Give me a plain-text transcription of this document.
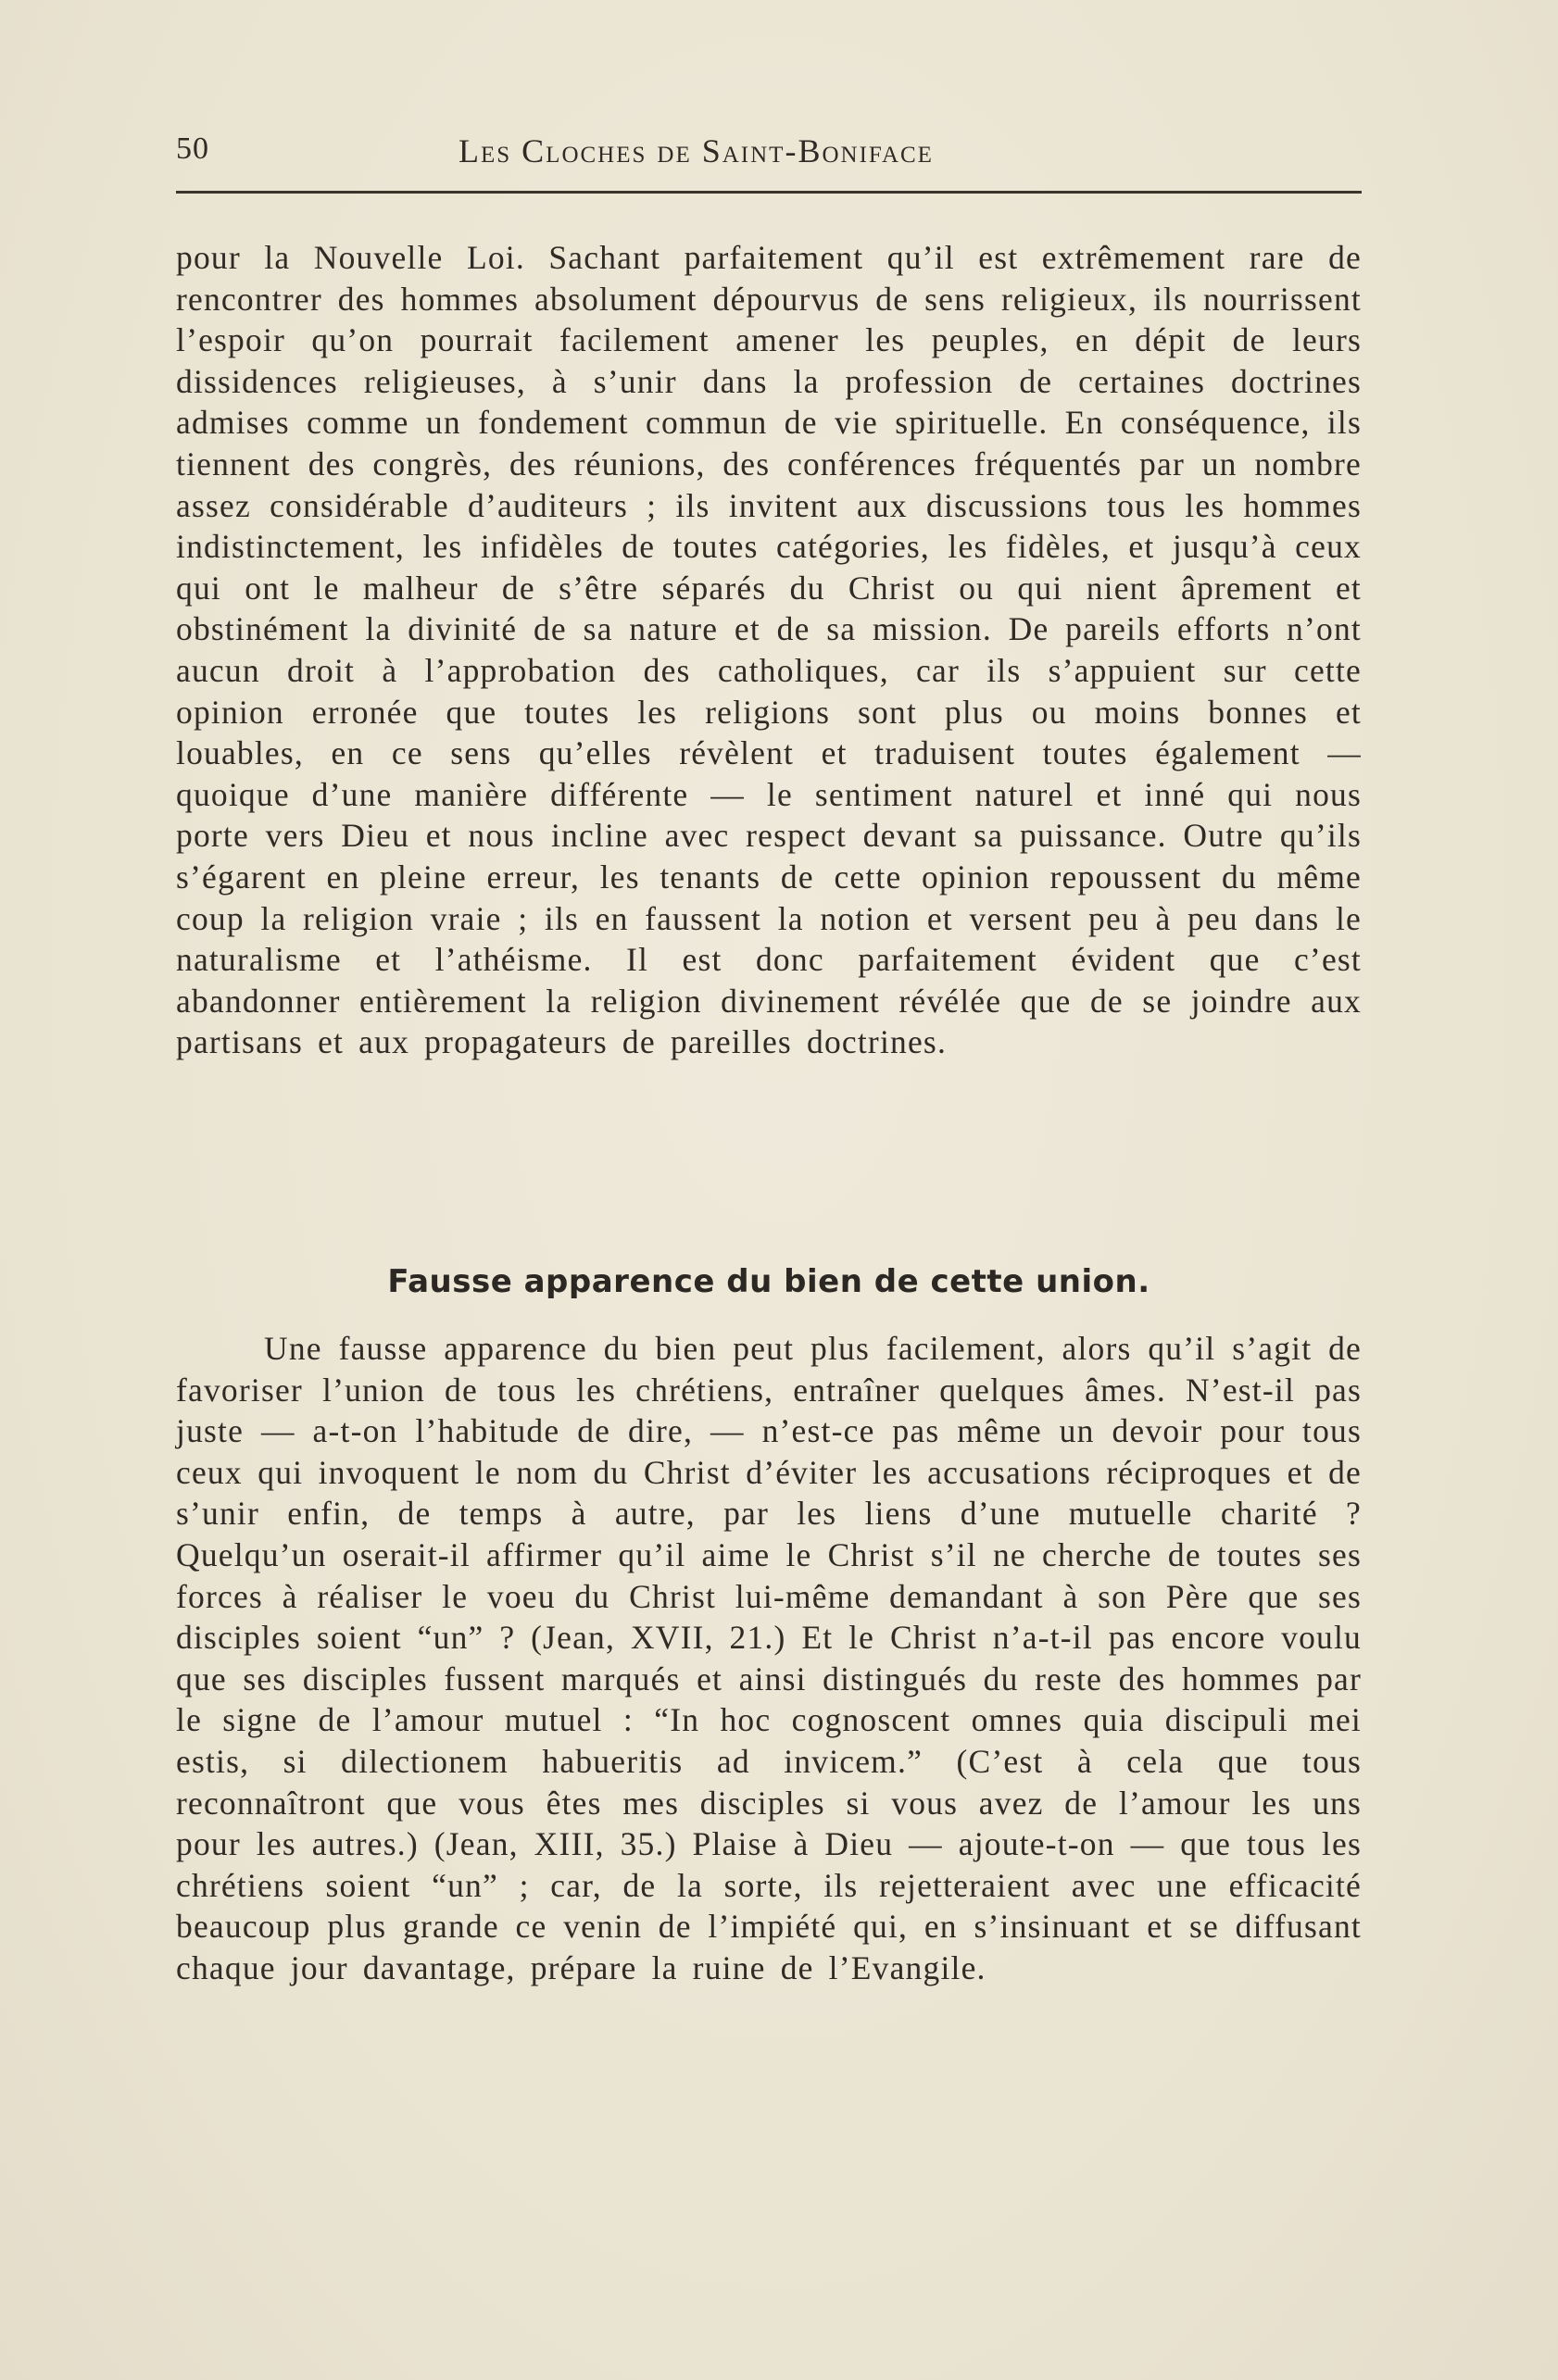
50	Les Cloches de Saint-Boniface

pour la Nouvelle Loi. Sachant parfaitement qu’il est extrêmement rare de rencontrer des hommes absolument dépourvus de sens religieux, ils nourrissent l’espoir qu’on pourrait facilement amener les peuples, en dépit de leurs dissidences religieuses, à s’unir dans la profession de certaines doctrines admises comme un fondement commun de vie spirituelle. En conséquence, ils tiennent des congrès, des réunions, des conférences fréquentés par un nombre assez considérable d’auditeurs ; ils invitent aux discussions tous les hommes indistinctement, les infidèles de toutes catégories, les fidèles, et jusqu’à ceux qui ont le malheur de s’être séparés du Christ ou qui nient âprement et obstinément la divinité de sa nature et de sa mission. De pareils efforts n’ont aucun droit à l’approbation des catholiques, car ils s’appuient sur cette opinion erronée que toutes les religions sont plus ou moins bonnes et louables, en ce sens qu’elles révèlent et traduisent toutes également — quoique d’une manière différente — le sentiment naturel et inné qui nous porte vers Dieu et nous incline avec respect devant sa puissance. Outre qu’ils s’égarent en pleine erreur, les tenants de cette opinion repoussent du même coup la religion vraie ; ils en faussent la notion et versent peu à peu dans le naturalisme et l’athéisme. Il est donc parfaitement évident que c’est abandonner entièrement la religion divinement révélée que de se joindre aux partisans et aux propagateurs de pareilles doctrines.

Fausse apparence du bien de cette union.

Une fausse apparence du bien peut plus facilement, alors qu’il s’agit de favoriser l’union de tous les chrétiens, entraîner quelques âmes. N’est-il pas juste — a-t-on l’habitude de dire, — n’est-ce pas même un devoir pour tous ceux qui invoquent le nom du Christ d’éviter les accusations réciproques et de s’unir enfin, de temps à autre, par les liens d’une mutuelle charité ? Quelqu’un oserait-il affirmer qu’il aime le Christ s’il ne cherche de toutes ses forces à réaliser le voeu du Christ lui-même demandant à son Père que ses disciples soient “un” ? (Jean, XVII, 21.) Et le Christ n’a-t-il pas encore voulu que ses disciples fussent marqués et ainsi distingués du reste des hommes par le signe de l’amour mutuel : “In hoc cognoscent omnes quia discipuli mei estis, si dilectionem habueritis ad invicem.” (C’est à cela que tous reconnaîtront que vous êtes mes disciples si vous avez de l’amour les uns pour les autres.) (Jean, XIII, 35.) Plaise à Dieu — ajoute-t-on — que tous les chrétiens soient “un” ; car, de la sorte, ils rejetteraient avec une efficacité beaucoup plus grande ce venin de l’impiété qui, en s’insinuant et se diffusant chaque jour davantage, prépare la ruine de l’Evangile.
